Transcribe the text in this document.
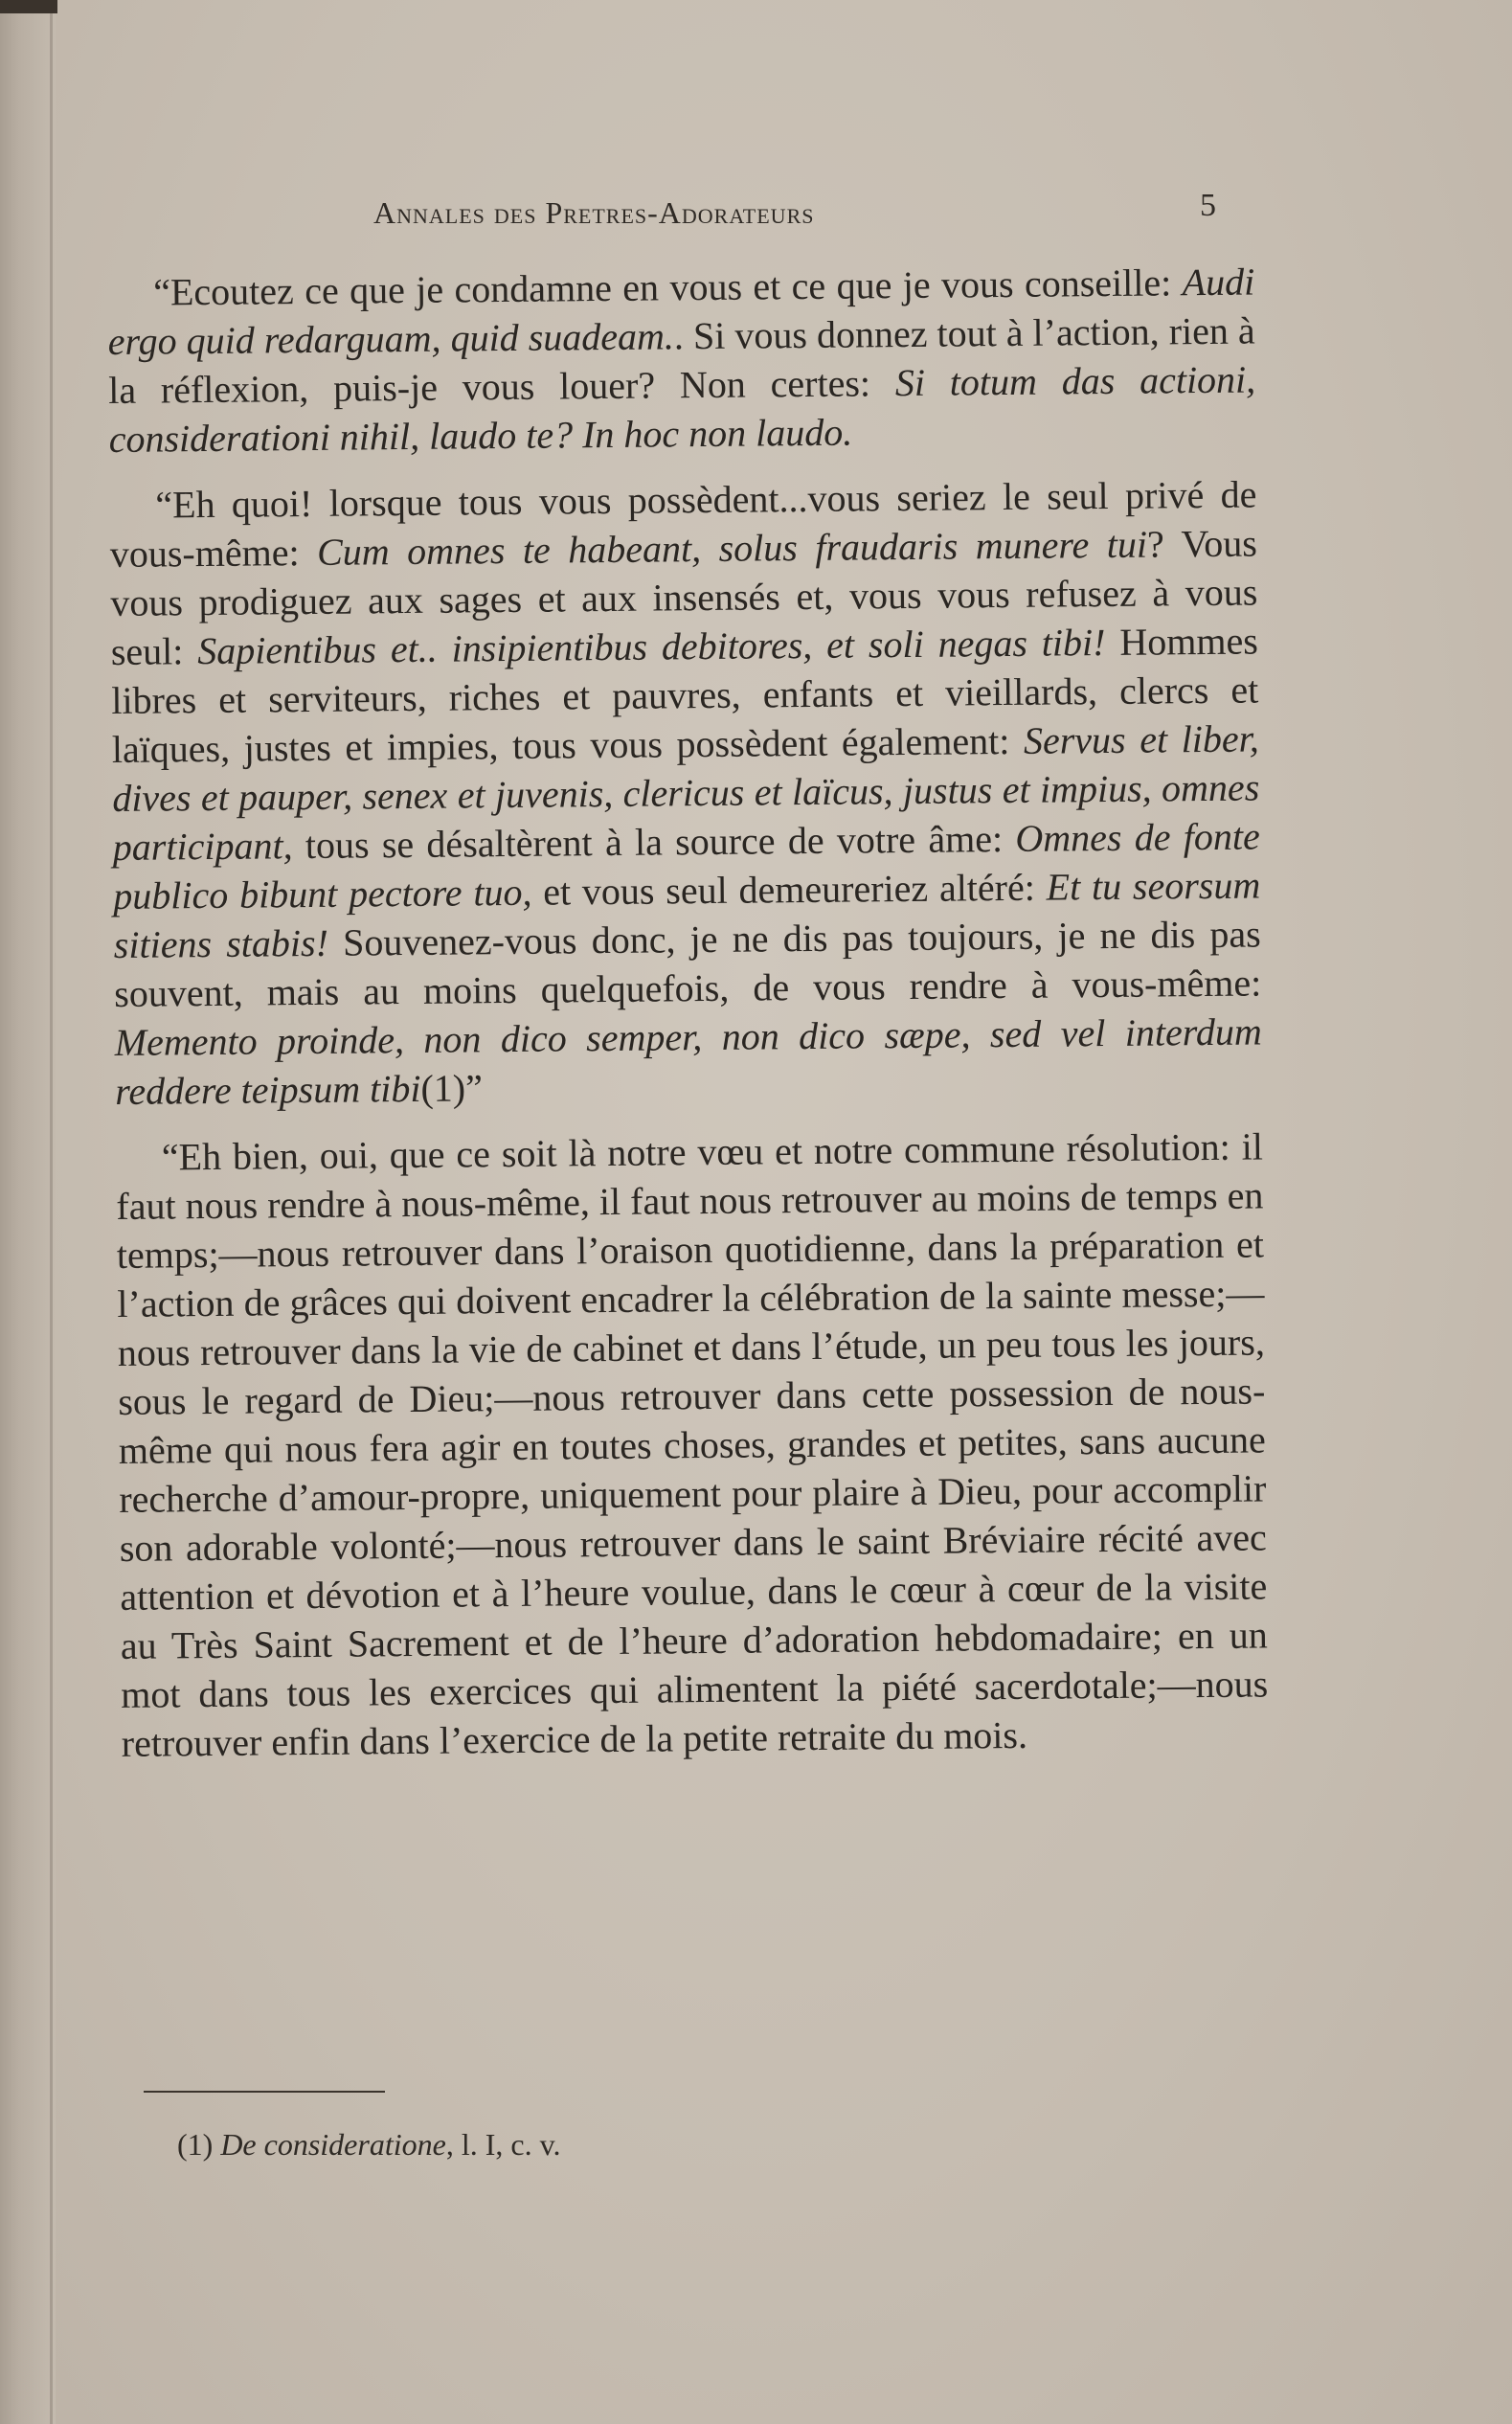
Annales des Pretres-Adorateurs	5

“Ecoutez ce que je condamne en vous et ce que je vous conseille: Audi ergo quid redarguam, quid suadeam.. Si vous donnez tout à l’action, rien à la réflexion, puis-je vous louer? Non certes: Si totum das actioni, considerationi nihil, laudo te? In hoc non laudo.

“Eh quoi! lorsque tous vous possèdent...vous seriez le seul privé de vous-même: Cum omnes te habeant, solus fraudaris munere tui? Vous vous prodiguez aux sages et aux insensés et, vous vous refusez à vous seul: Sapientibus et.. insipientibus debitores, et soli negas tibi! Hommes libres et serviteurs, riches et pauvres, enfants et vieillards, clercs et laïques, justes et impies, tous vous possèdent également: Servus et liber, dives et pauper, senex et juvenis, clericus et laïcus, justus et impius, omnes participant, tous se désaltèrent à la source de votre âme: Omnes de fonte publico bibunt pectore tuo, et vous seul demeureriez altéré: Et tu seorsum sitiens stabis! Souvenez-vous donc, je ne dis pas toujours, je ne dis pas souvent, mais au moins quelquefois, de vous rendre à vous-même: Memento proinde, non dico semper, non dico sæpe, sed vel interdum reddere teipsum tibi(1)”

“Eh bien, oui, que ce soit là notre vœu et notre commune résolution: il faut nous rendre à nous-même, il faut nous retrouver au moins de temps en temps;—nous retrouver dans l’oraison quotidienne, dans la préparation et l’action de grâces qui doivent encadrer la célébration de la sainte messe;—nous retrouver dans la vie de cabinet et dans l’étude, un peu tous les jours, sous le regard de Dieu;—nous retrouver dans cette possession de nous-même qui nous fera agir en toutes choses, grandes et petites, sans aucune recherche d’amour-propre, uniquement pour plaire à Dieu, pour accomplir son adorable volonté;—nous retrouver dans le saint Bréviaire récité avec attention et dévotion et à l’heure voulue, dans le cœur à cœur de la visite au Très Saint Sacrement et de l’heure d’adoration hebdomadaire; en un mot dans tous les exercices qui alimentent la piété sacerdotale;—nous retrouver enfin dans l’exercice de la petite retraite du mois.

(1) De consideratione, l. I, c. v.
